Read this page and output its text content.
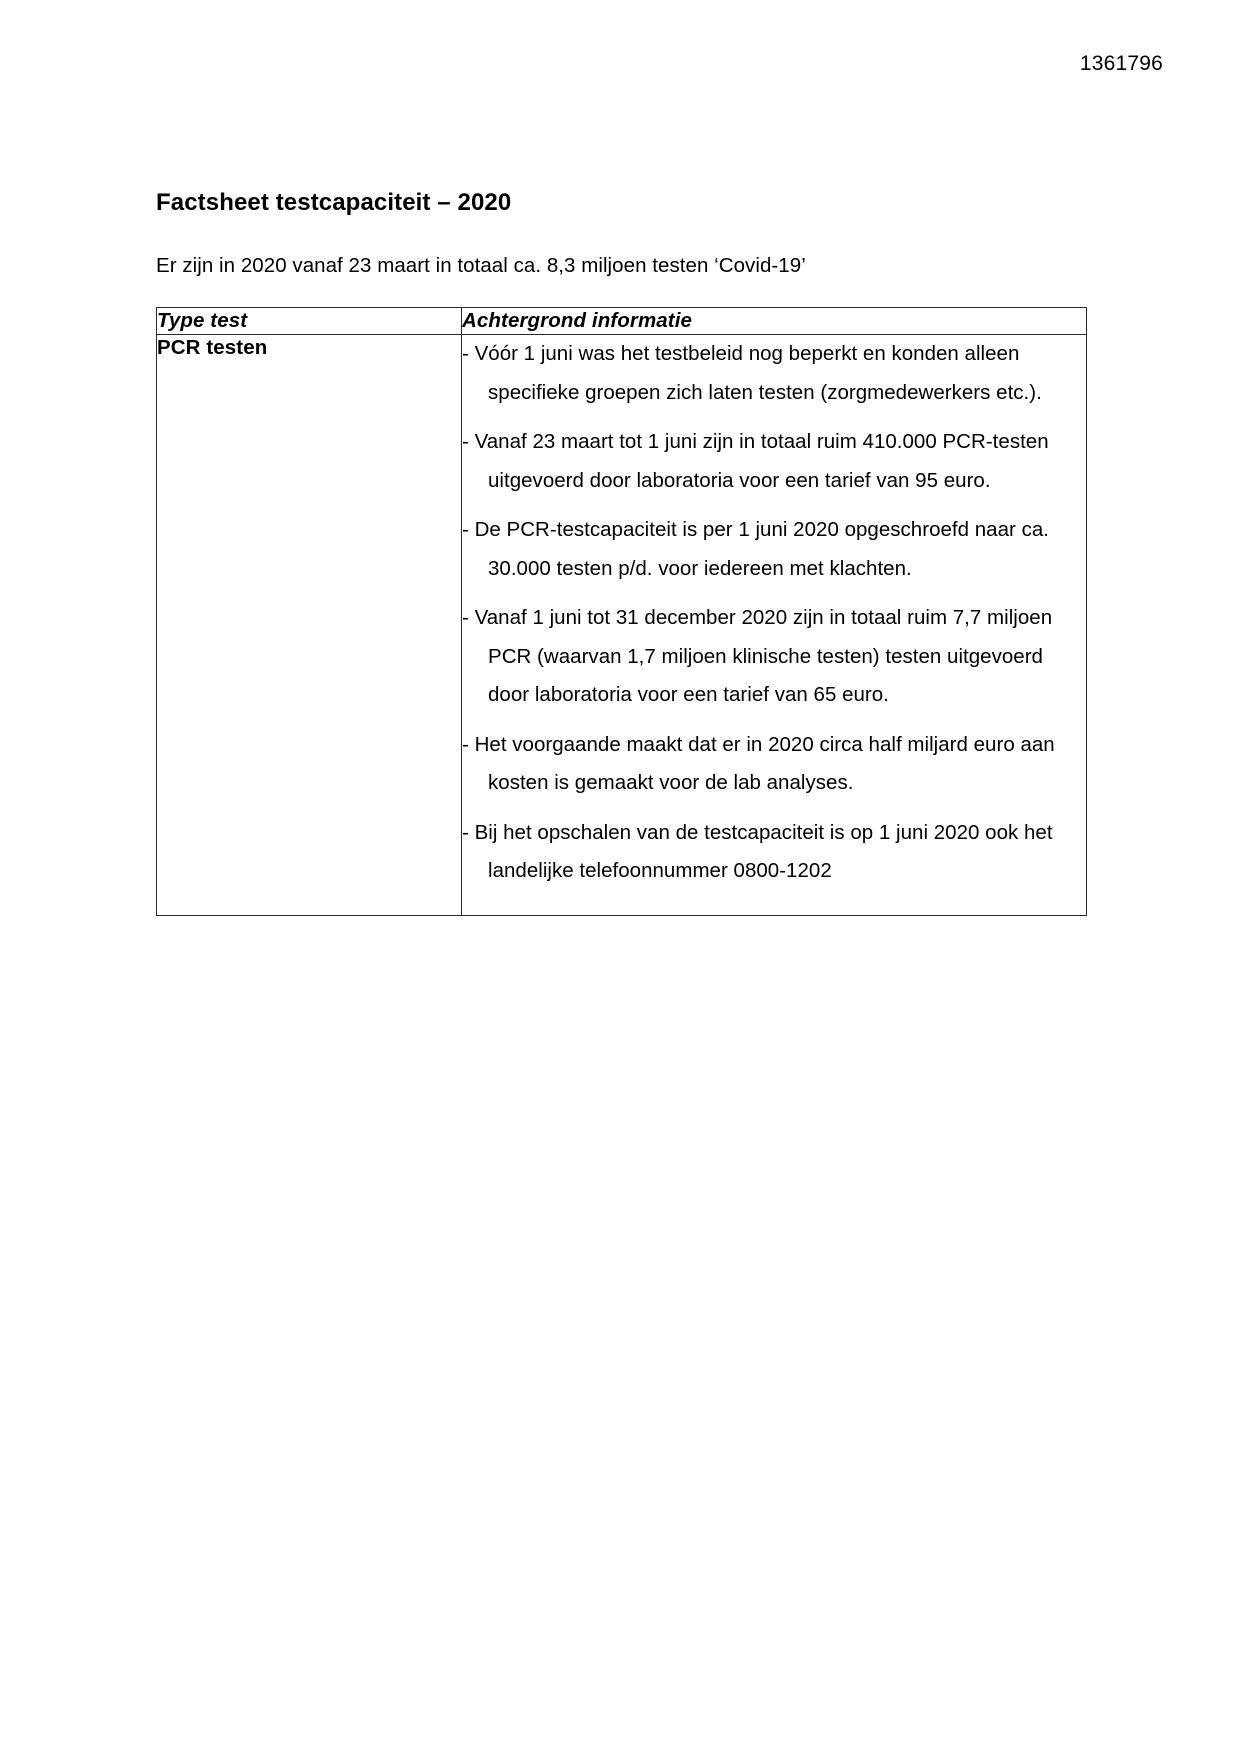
1361796
Factsheet testcapaciteit – 2020

Er zijn in 2020 vanaf 23 maart in totaal ca. 8,3 miljoen testen ‘Covid-19’

Type test	Achtergrond informatie
PCR testen	- Vóór 1 juni was het testbeleid nog beperkt en konden alleen specifieke groepen zich laten testen (zorgmedewerkers etc.).
- Vanaf 23 maart tot 1 juni zijn in totaal ruim 410.000 PCR-testen uitgevoerd door laboratoria voor een tarief van 95 euro.
- De PCR-testcapaciteit is per 1 juni 2020 opgeschroefd naar ca. 30.000 testen p/d. voor iedereen met klachten.
- Vanaf 1 juni tot 31 december 2020 zijn in totaal ruim 7,7 miljoen PCR (waarvan 1,7 miljoen klinische testen) testen uitgevoerd door laboratoria voor een tarief van 65 euro.
- Het voorgaande maakt dat er in 2020 circa half miljard euro aan kosten is gemaakt voor de lab analyses.
- Bij het opschalen van de testcapaciteit is op 1 juni 2020 ook het landelijke telefoonnummer 0800-1202
